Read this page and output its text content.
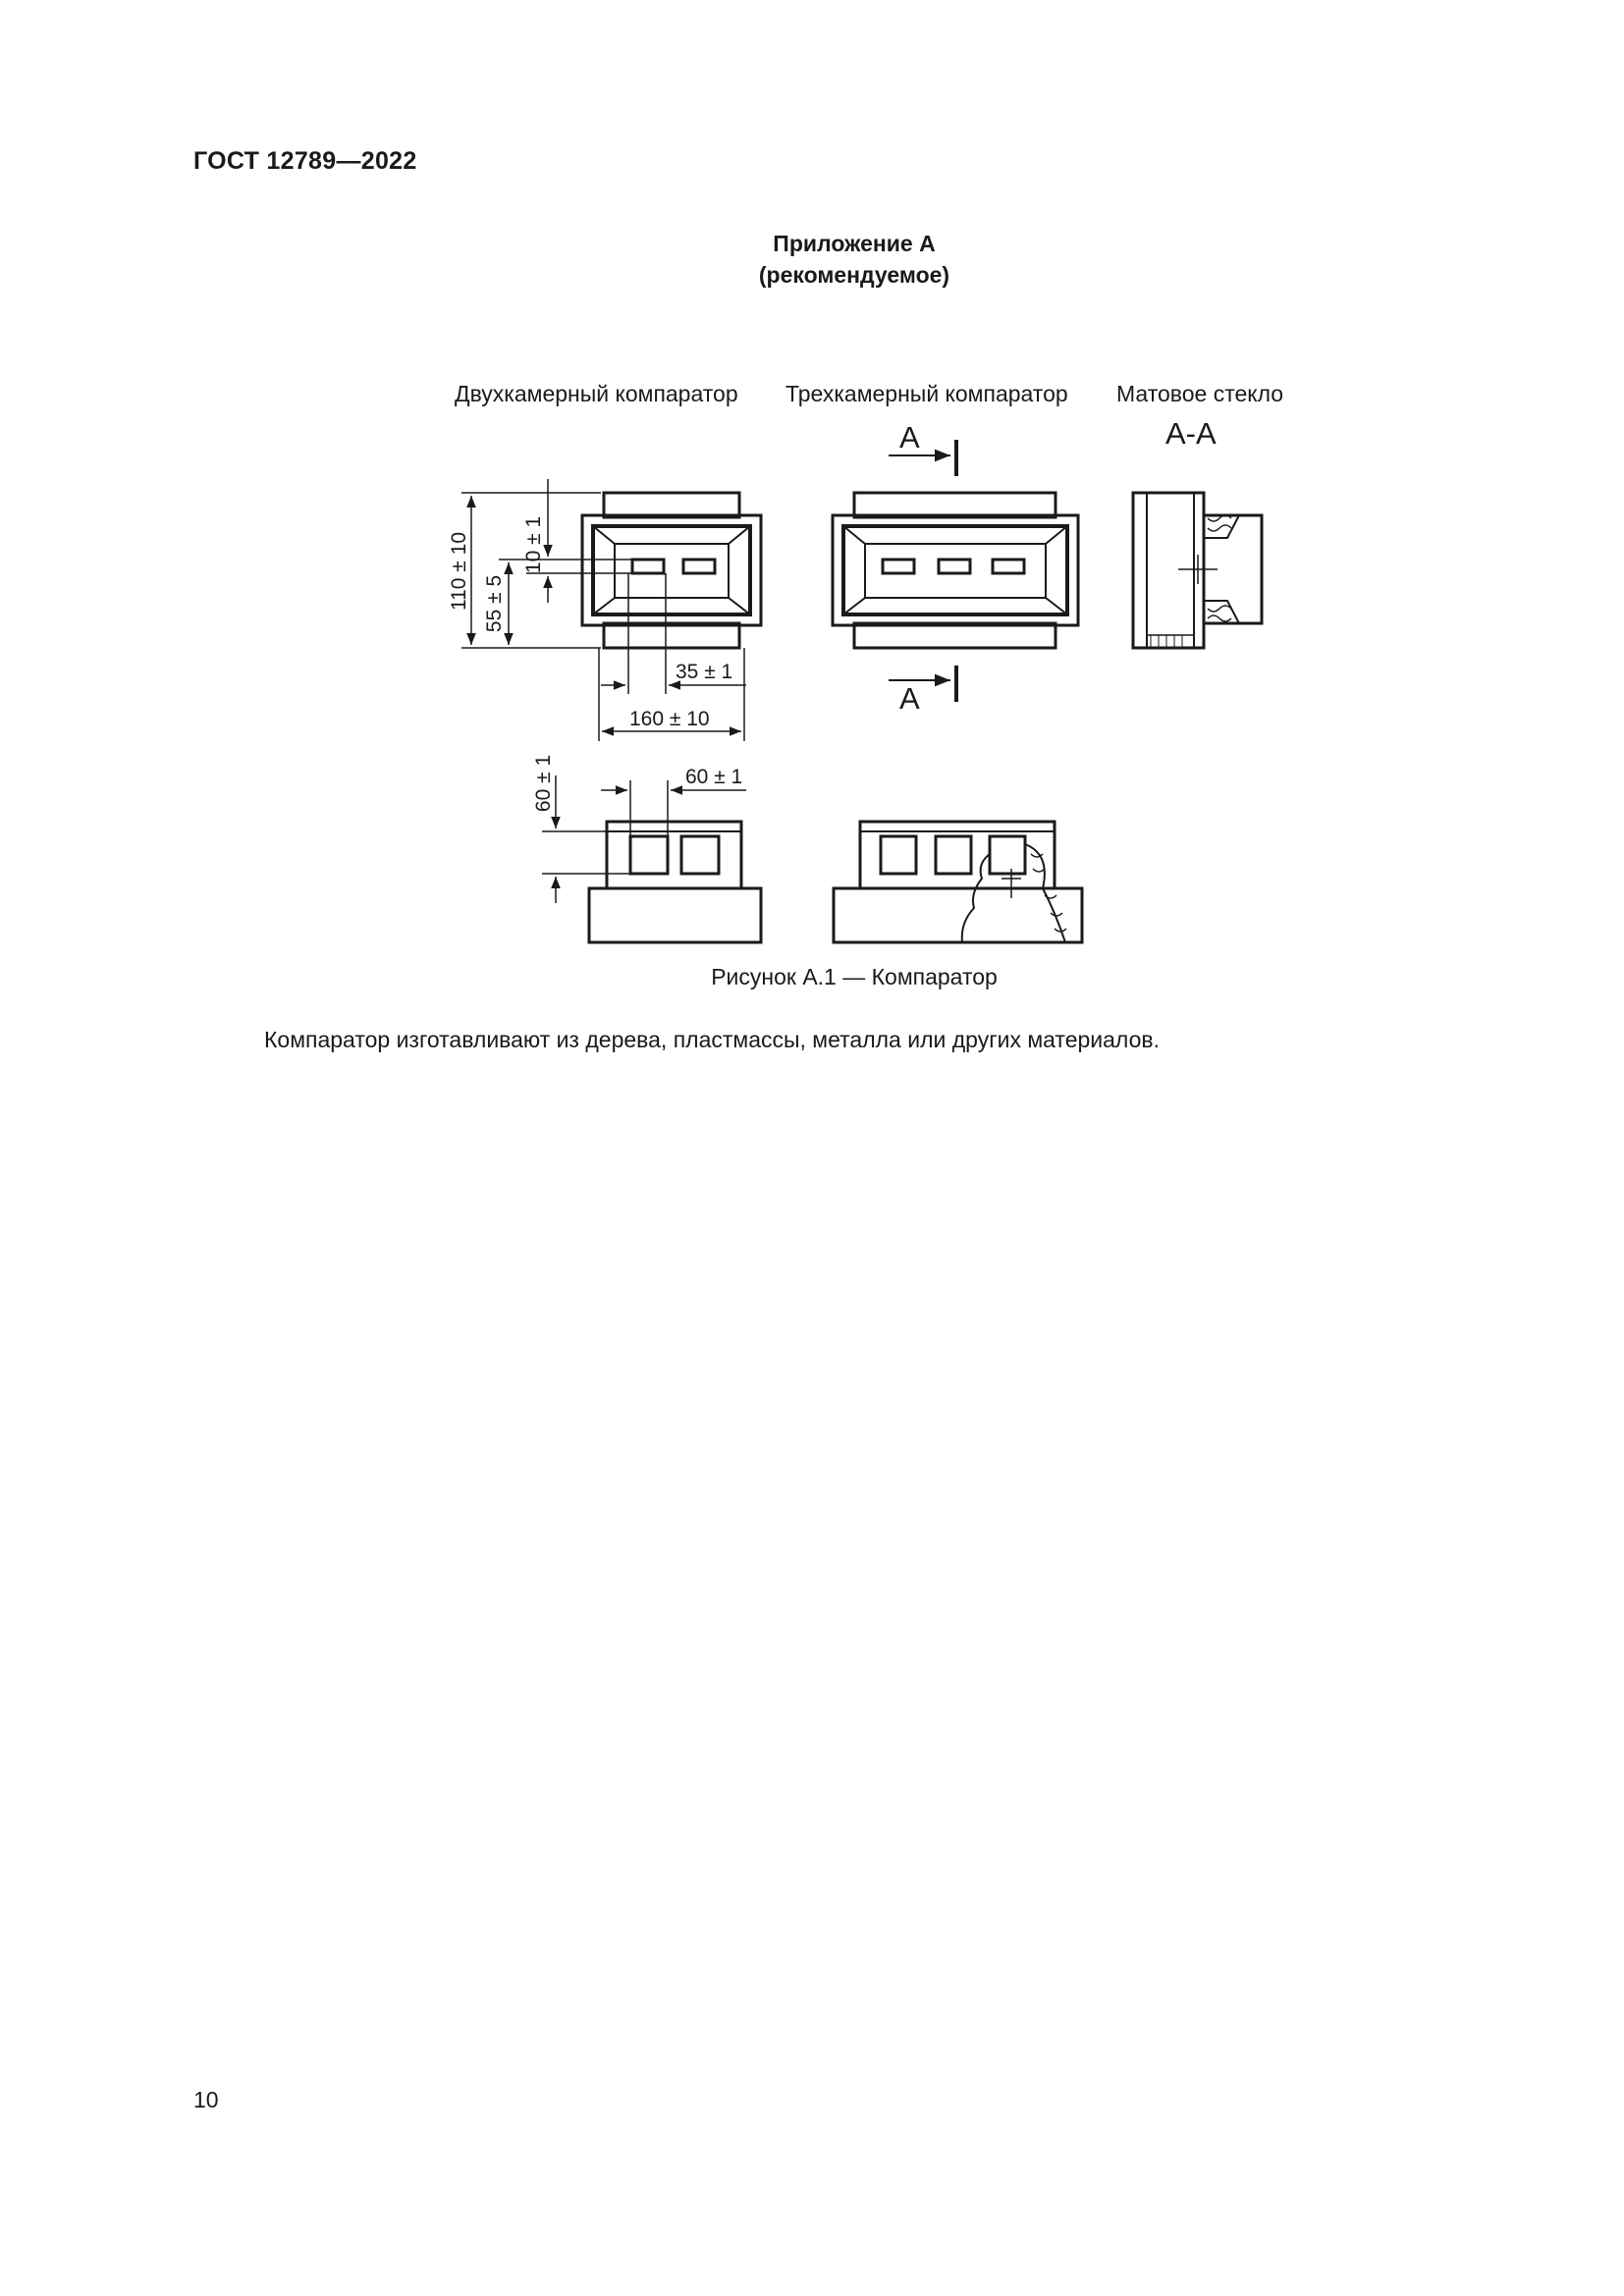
ГОСТ 12789—2022
Приложение А
(рекомендуемое)
Двухкамерный компаратор Трехкамерный компаратор Матовое стекло
А-А
10 ± 1
110 ± 10 55 ± 5
35 ± 1
160 ± 10
А
А
60 ± 1	60 ± 1
Рисунок А.1 — Компаратор
Компаратор изготавливают из дерева, пластмассы, металла или других материалов.
10
